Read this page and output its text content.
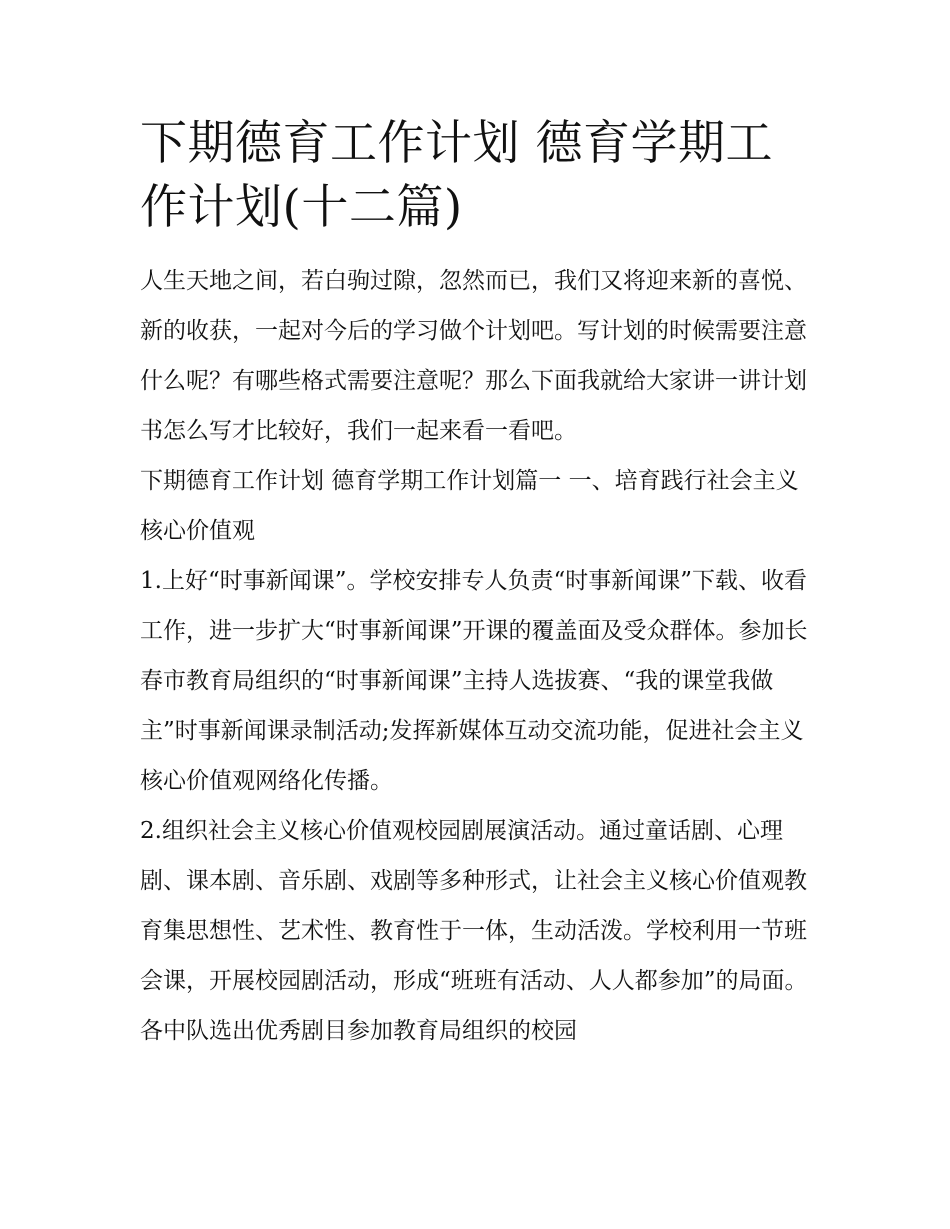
下期德育工作计划 德育学期工作计划(十二篇)

人生天地之间，若白驹过隙，忽然而已，我们又将迎来新的喜悦、新的收获，一起对今后的学习做个计划吧。写计划的时候需要注意什么呢？有哪些格式需要注意呢？那么下面我就给大家讲一讲计划书怎么写才比较好，我们一起来看一看吧。

下期德育工作计划 德育学期工作计划篇一 一、培育践行社会主义核心价值观

1.上好“时事新闻课”。学校安排专人负责“时事新闻课”下载、收看工作，进一步扩大“时事新闻课”开课的覆盖面及受众群体。参加长春市教育局组织的“时事新闻课”主持人选拔赛、“我的课堂我做主”时事新闻课录制活动;发挥新媒体互动交流功能，促进社会主义核心价值观网络化传播。

2.组织社会主义核心价值观校园剧展演活动。通过童话剧、心理剧、课本剧、音乐剧、戏剧等多种形式，让社会主义核心价值观教育集思想性、艺术性、教育性于一体，生动活泼。学校利用一节班会课，开展校园剧活动，形成“班班有活动、人人都参加”的局面。各中队选出优秀剧目参加教育局组织的校园
